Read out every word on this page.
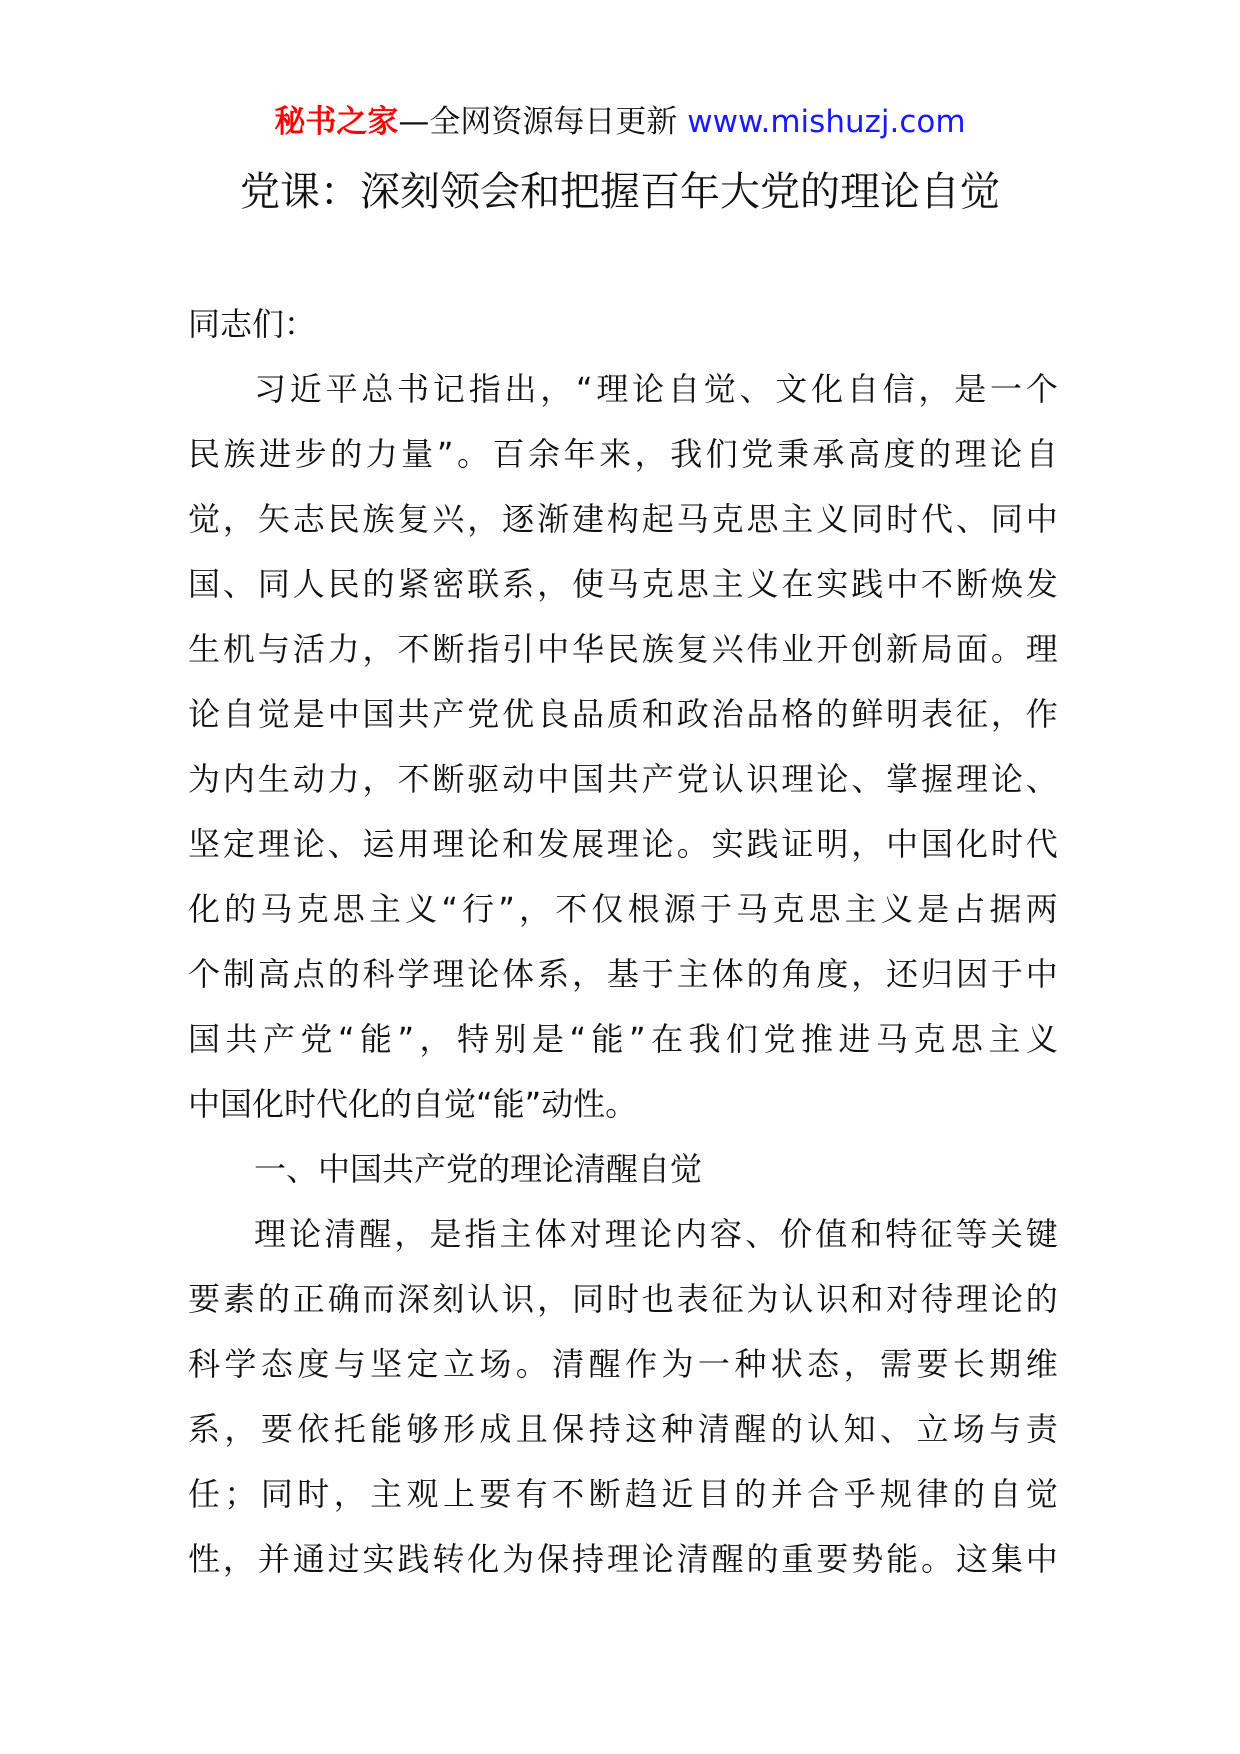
秘书之家—全网资源每日更新 www.mishuzj.com
党课：深刻领会和把握百年大党的理论自觉
同志们：
习 近 平 总 书 记 指 出 ， “ 理 论 自 觉 、 文 化 自 信 ， 是 一 个
民 族 进 步 的 力 量 ” 。 百 余 年 来 ， 我 们 党 秉 承 高 度 的 理 论 自
觉 ， 矢 志 民 族 复 兴 ， 逐 渐 建 构 起 马 克 思 主 义 同 时 代 、 同 中
国 、 同 人 民 的 紧 密 联 系 ， 使 马 克 思 主 义 在 实 践 中 不 断 焕 发
生 机 与 活 力 ， 不 断 指 引 中 华 民 族 复 兴 伟 业 开 创 新 局 面 。 理
论 自 觉 是 中 国 共 产 党 优 良 品 质 和 政 治 品 格 的 鲜 明 表 征 ， 作
为 内 生 动 力 ， 不 断 驱 动 中 国 共 产 党 认 识 理 论 、 掌 握 理 论 、
坚 定 理 论 、 运 用 理 论 和 发 展 理 论 。 实 践 证 明 ， 中 国 化 时 代
化 的 马 克 思 主 义 “ 行 ” ， 不 仅 根 源 于 马 克 思 主 义 是 占 据 两
个 制 高 点 的 科 学 理 论 体 系 ， 基 于 主 体 的 角 度 ， 还 归 因 于 中
国 共 产 党 “ 能 ” ， 特 别 是 “ 能 ” 在 我 们 党 推 进 马 克 思 主 义
中国化时代化的自觉“能”动性。
一、中国共产党的理论清醒自觉
理 论 清 醒 ， 是 指 主 体 对 理 论 内 容 、 价 值 和 特 征 等 关 键
要 素 的 正 确 而 深 刻 认 识 ， 同 时 也 表 征 为 认 识 和 对 待 理 论 的
科 学 态 度 与 坚 定 立 场 。 清 醒 作 为 一 种 状 态 ， 需 要 长 期 维
系 ， 要 依 托 能 够 形 成 且 保 持 这 种 清 醒 的 认 知 、 立 场 与 责
任 ； 同 时 ， 主 观 上 要 有 不 断 趋 近 目 的 并 合 乎 规 律 的 自 觉
性 ， 并 通 过 实 践 转 化 为 保 持 理 论 清 醒 的 重 要 势 能 。 这 集 中
